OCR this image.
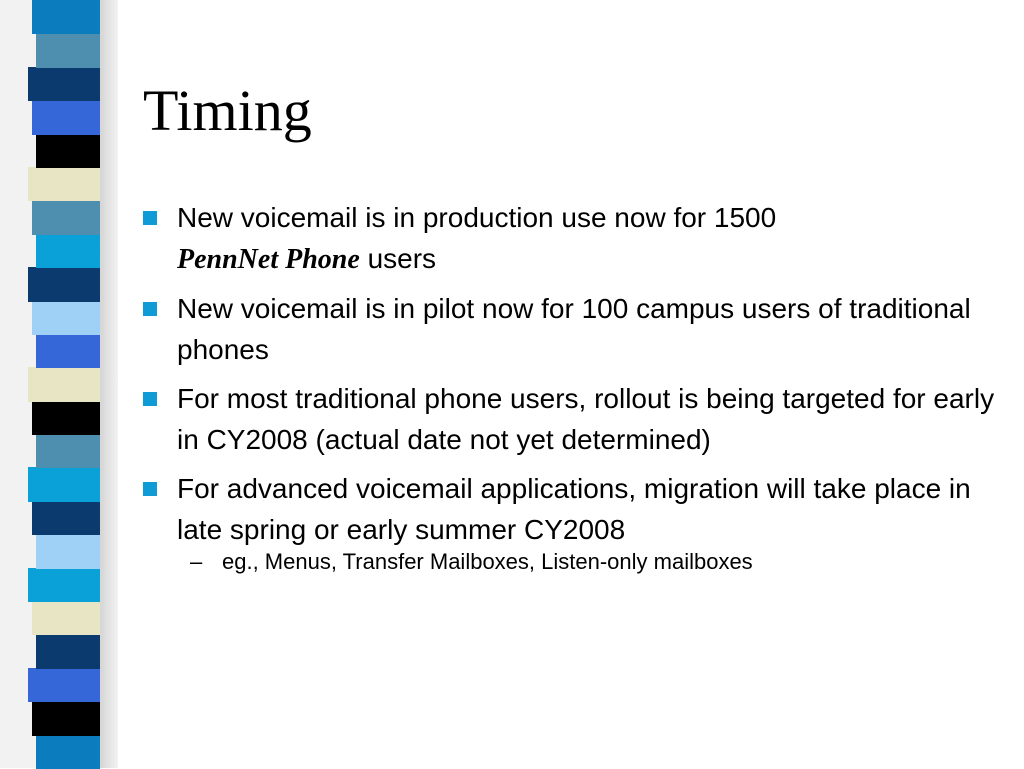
Timing
New voicemail is in production use now for 1500
PennNet Phone users
New voicemail is in pilot now for 100 campus users of traditional phones
For most traditional phone users, rollout is being targeted for early in CY2008 (actual date not yet determined)
For advanced voicemail applications, migration will take place in late spring or early summer CY2008
– eg., Menus, Transfer Mailboxes, Listen-only mailboxes
